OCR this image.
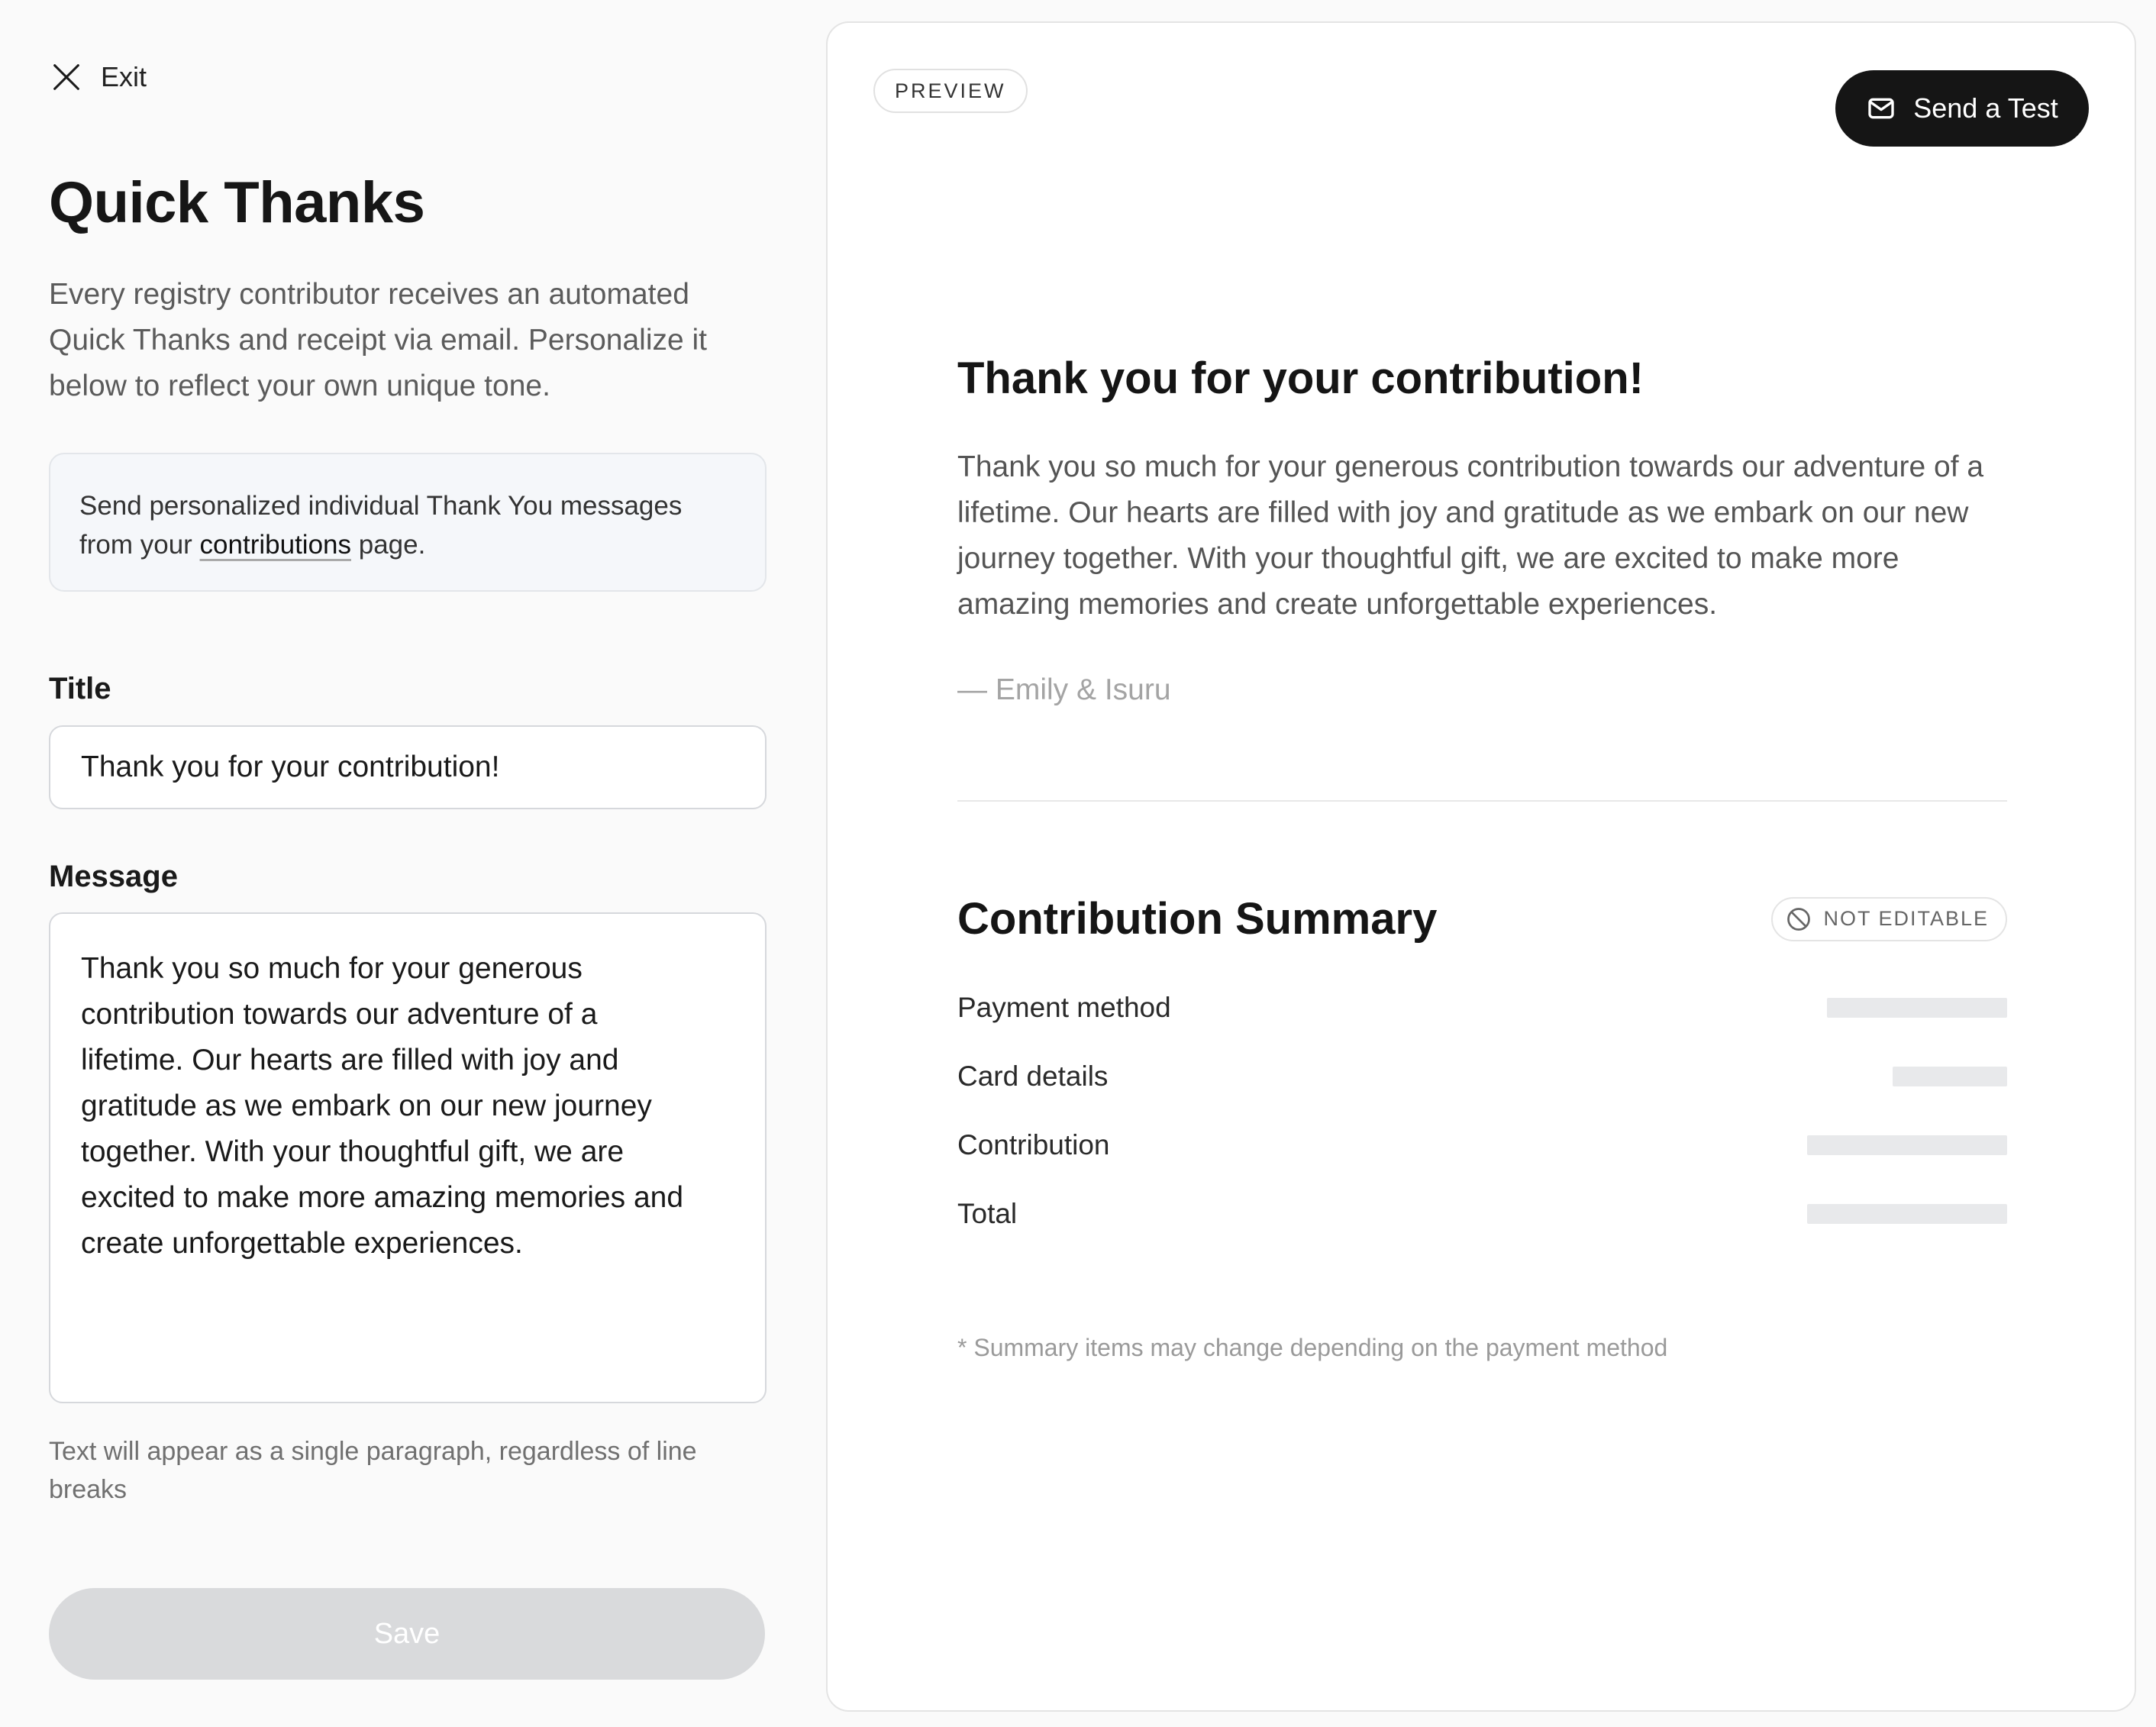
Exit
Quick Thanks

Every registry contributor receives an automated Quick Thanks and receipt via email. Personalize it below to reflect your own unique tone.

Send personalized individual Thank You messages from your contributions page.
Title
Thank you for your contribution!
Message
Thank you so much for your generous contribution towards our adventure of a lifetime. Our hearts are filled with joy and gratitude as we embark on our new journey together. With your thoughtful gift, we are excited to make more amazing memories and create unforgettable experiences.

Text will appear as a single paragraph, regardless of line breaks

Save
PREVIEW
Send a Test
Thank you for your contribution!

Thank you so much for your generous contribution towards our adventure of a lifetime. Our hearts are filled with joy and gratitude as we embark on our new journey together. With your thoughtful gift, we are excited to make more amazing memories and create unforgettable experiences.

— Emily & Isuru

Contribution Summary	NOT EDITABLE
Payment method
Card details
Contribution
Total

* Summary items may change depending on the payment method
